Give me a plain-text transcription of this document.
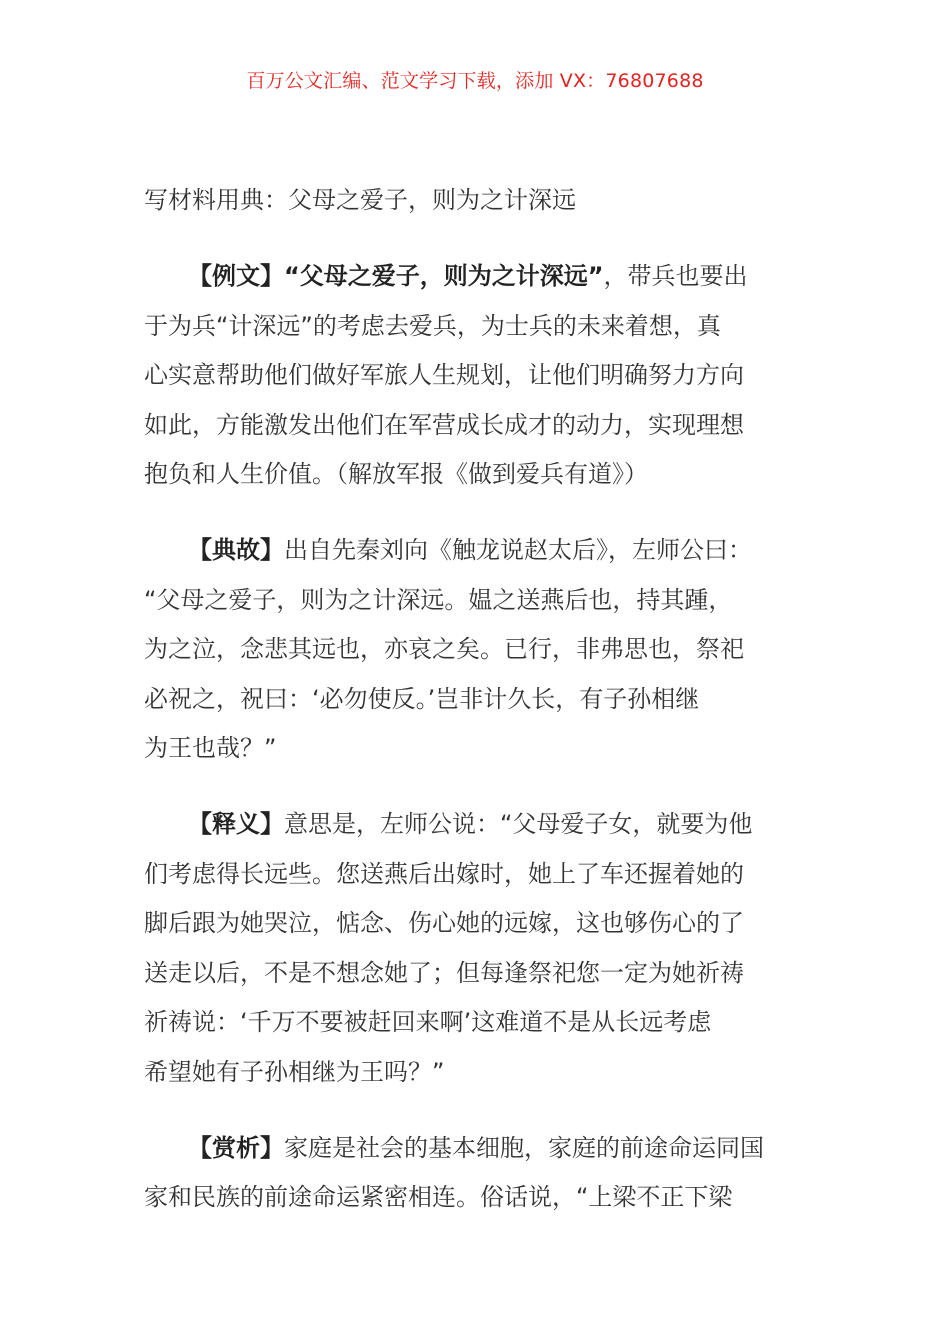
百万公文汇编、范文学习下载，添加 VX：76807688
写材料用典：父母之爱子，则为之计深远
【例文】“父母之爱子，则为之计深远”，带兵也要出
于为兵“计深远”的考虑去爱兵，为士兵的未来着想，真
心实意帮助他们做好军旅人生规划，让他们明确努力方向
如此，方能激发出他们在军营成长成才的动力，实现理想
抱负和人生价值。（解放军报《做到爱兵有道》）
【典故】出自先秦刘向《触龙说赵太后》，左师公曰：
“父母之爱子，则为之计深远。媪之送燕后也，持其踵，
为之泣，念悲其远也，亦哀之矣。已行，非弗思也，祭祀
必祝之，祝曰：‘必勿使反。’岂非计久长，有子孙相继
为王也哉？”
【释义】意思是，左师公说：“父母爱子女，就要为他
们考虑得长远些。您送燕后出嫁时，她上了车还握着她的
脚后跟为她哭泣，惦念、伤心她的远嫁，这也够伤心的了
送走以后，不是不想念她了；但每逢祭祀您一定为她祈祷
祈祷说：‘千万不要被赶回来啊’这难道不是从长远考虑
希望她有子孙相继为王吗？”
【赏析】家庭是社会的基本细胞，家庭的前途命运同国
家和民族的前途命运紧密相连。俗话说，“上梁不正下梁
